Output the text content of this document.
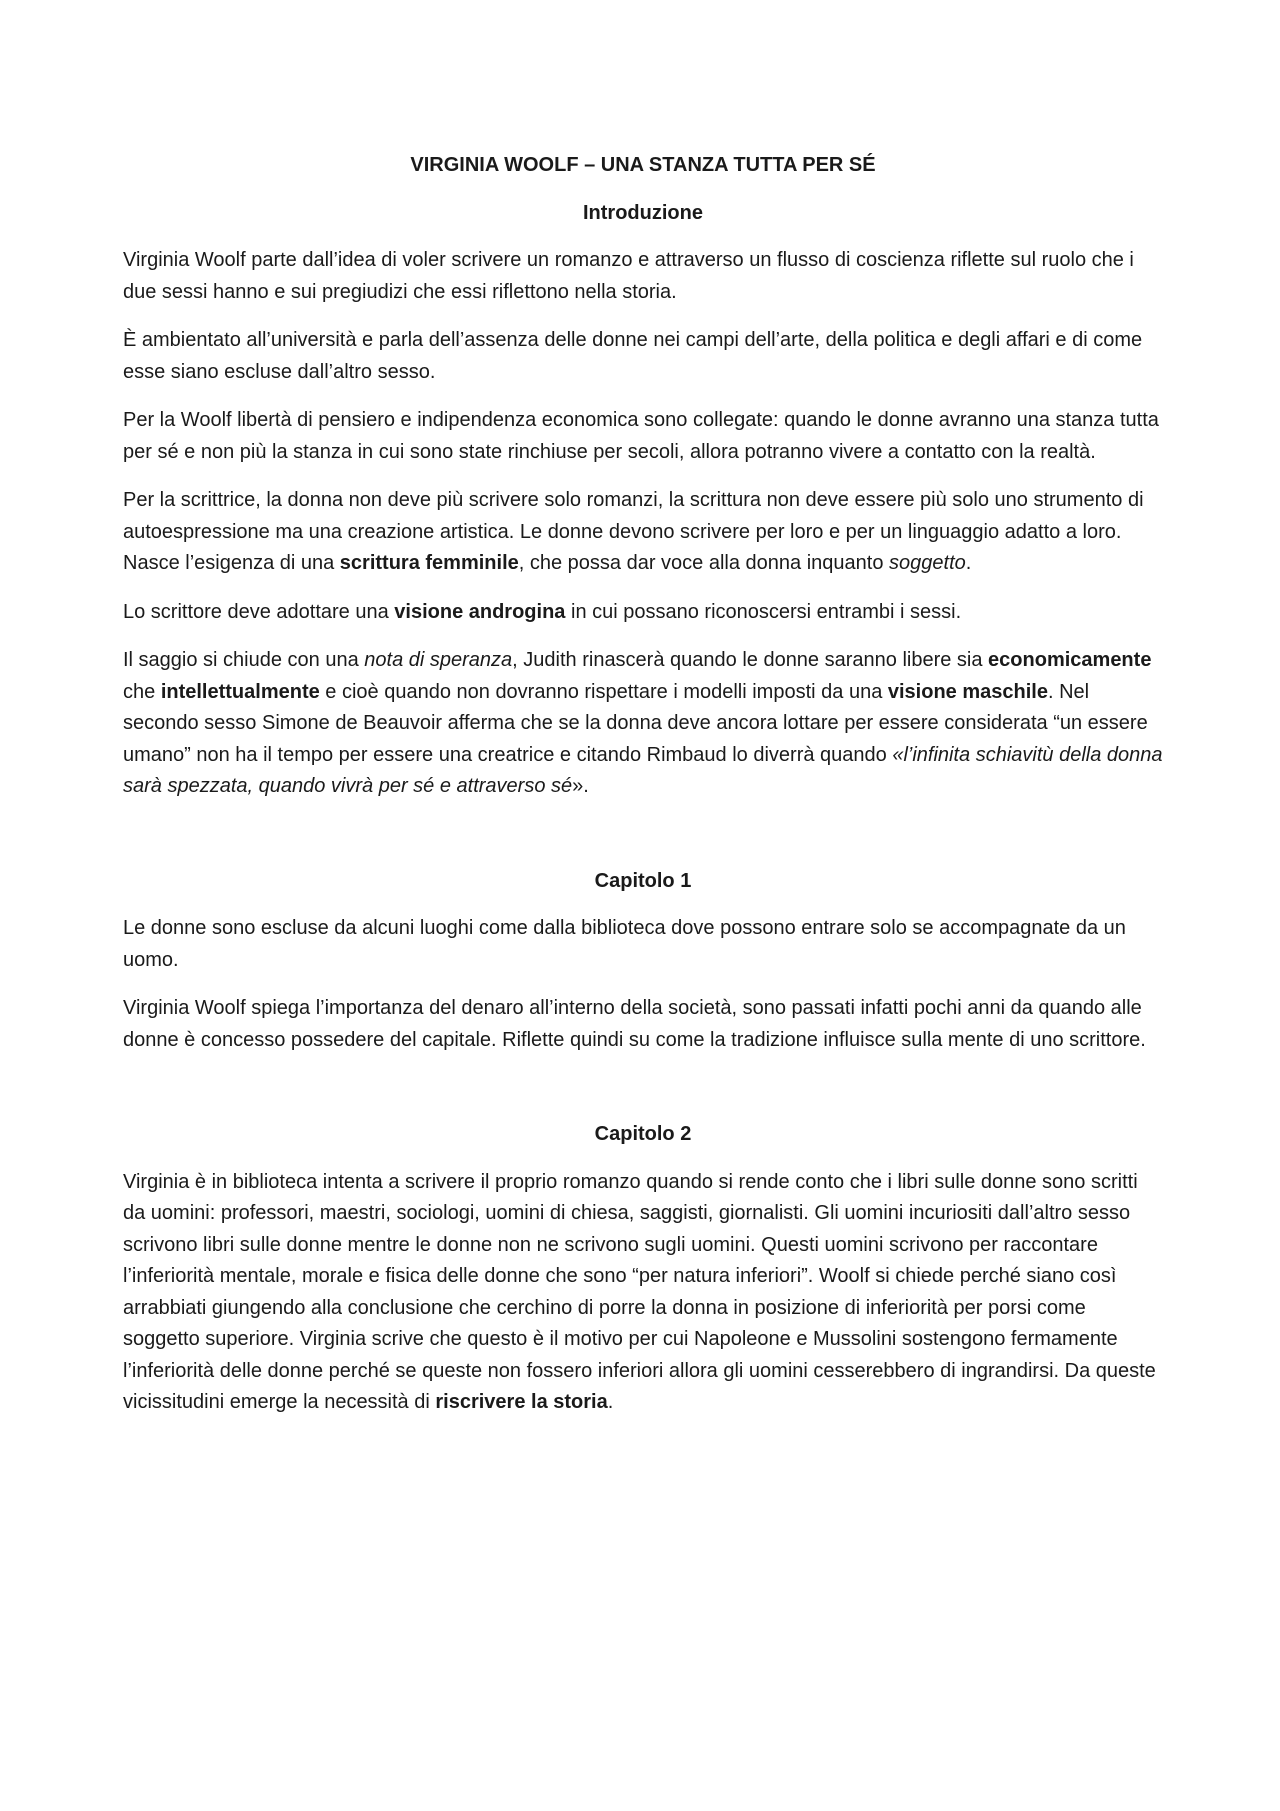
VIRGINIA WOOLF – UNA STANZA TUTTA PER SÉ
Introduzione

Virginia Woolf parte dall’idea di voler scrivere un romanzo e attraverso un flusso di coscienza riflette sul ruolo che i due sessi hanno e sui pregiudizi che essi riflettono nella storia.

È ambientato all’università e parla dell’assenza delle donne nei campi dell’arte, della politica e degli affari e di come esse siano escluse dall’altro sesso.

Per la Woolf libertà di pensiero e indipendenza economica sono collegate: quando le donne avranno una stanza tutta per sé e non più la stanza in cui sono state rinchiuse per secoli, allora potranno vivere a contatto con la realtà.

Per la scrittrice, la donna non deve più scrivere solo romanzi, la scrittura non deve essere più solo uno strumento di autoespressione ma una creazione artistica. Le donne devono scrivere per loro e per un linguaggio adatto a loro. Nasce l’esigenza di una scrittura femminile, che possa dar voce alla donna inquanto soggetto.

Lo scrittore deve adottare una visione androgina in cui possano riconoscersi entrambi i sessi.

Il saggio si chiude con una nota di speranza, Judith rinascerà quando le donne saranno libere sia economicamente che intellettualmente e cioè quando non dovranno rispettare i modelli imposti da una visione maschile. Nel secondo sesso Simone de Beauvoir afferma che se la donna deve ancora lottare per essere considerata “un essere umano” non ha il tempo per essere una creatrice e citando Rimbaud lo diverrà quando «l’infinita schiavitù della donna sarà spezzata, quando vivrà per sé e attraverso sé».

Capitolo 1

Le donne sono escluse da alcuni luoghi come dalla biblioteca dove possono entrare solo se accompagnate da un uomo.

Virginia Woolf spiega l’importanza del denaro all’interno della società, sono passati infatti pochi anni da quando alle donne è concesso possedere del capitale. Riflette quindi su come la tradizione influisce sulla mente di uno scrittore.

Capitolo 2

Virginia è in biblioteca intenta a scrivere il proprio romanzo quando si rende conto che i libri sulle donne sono scritti da uomini: professori, maestri, sociologi, uomini di chiesa, saggisti, giornalisti. Gli uomini incuriositi dall’altro sesso scrivono libri sulle donne mentre le donne non ne scrivono sugli uomini. Questi uomini scrivono per raccontare l’inferiorità mentale, morale e fisica delle donne che sono “per natura inferiori”. Woolf si chiede perché siano così arrabbiati giungendo alla conclusione che cerchino di porre la donna in posizione di inferiorità per porsi come soggetto superiore. Virginia scrive che questo è il motivo per cui Napoleone e Mussolini sostengono fermamente l’inferiorità delle donne perché se queste non fossero inferiori allora gli uomini cesserebbero di ingrandirsi. Da queste vicissitudini emerge la necessità di riscrivere la storia.
